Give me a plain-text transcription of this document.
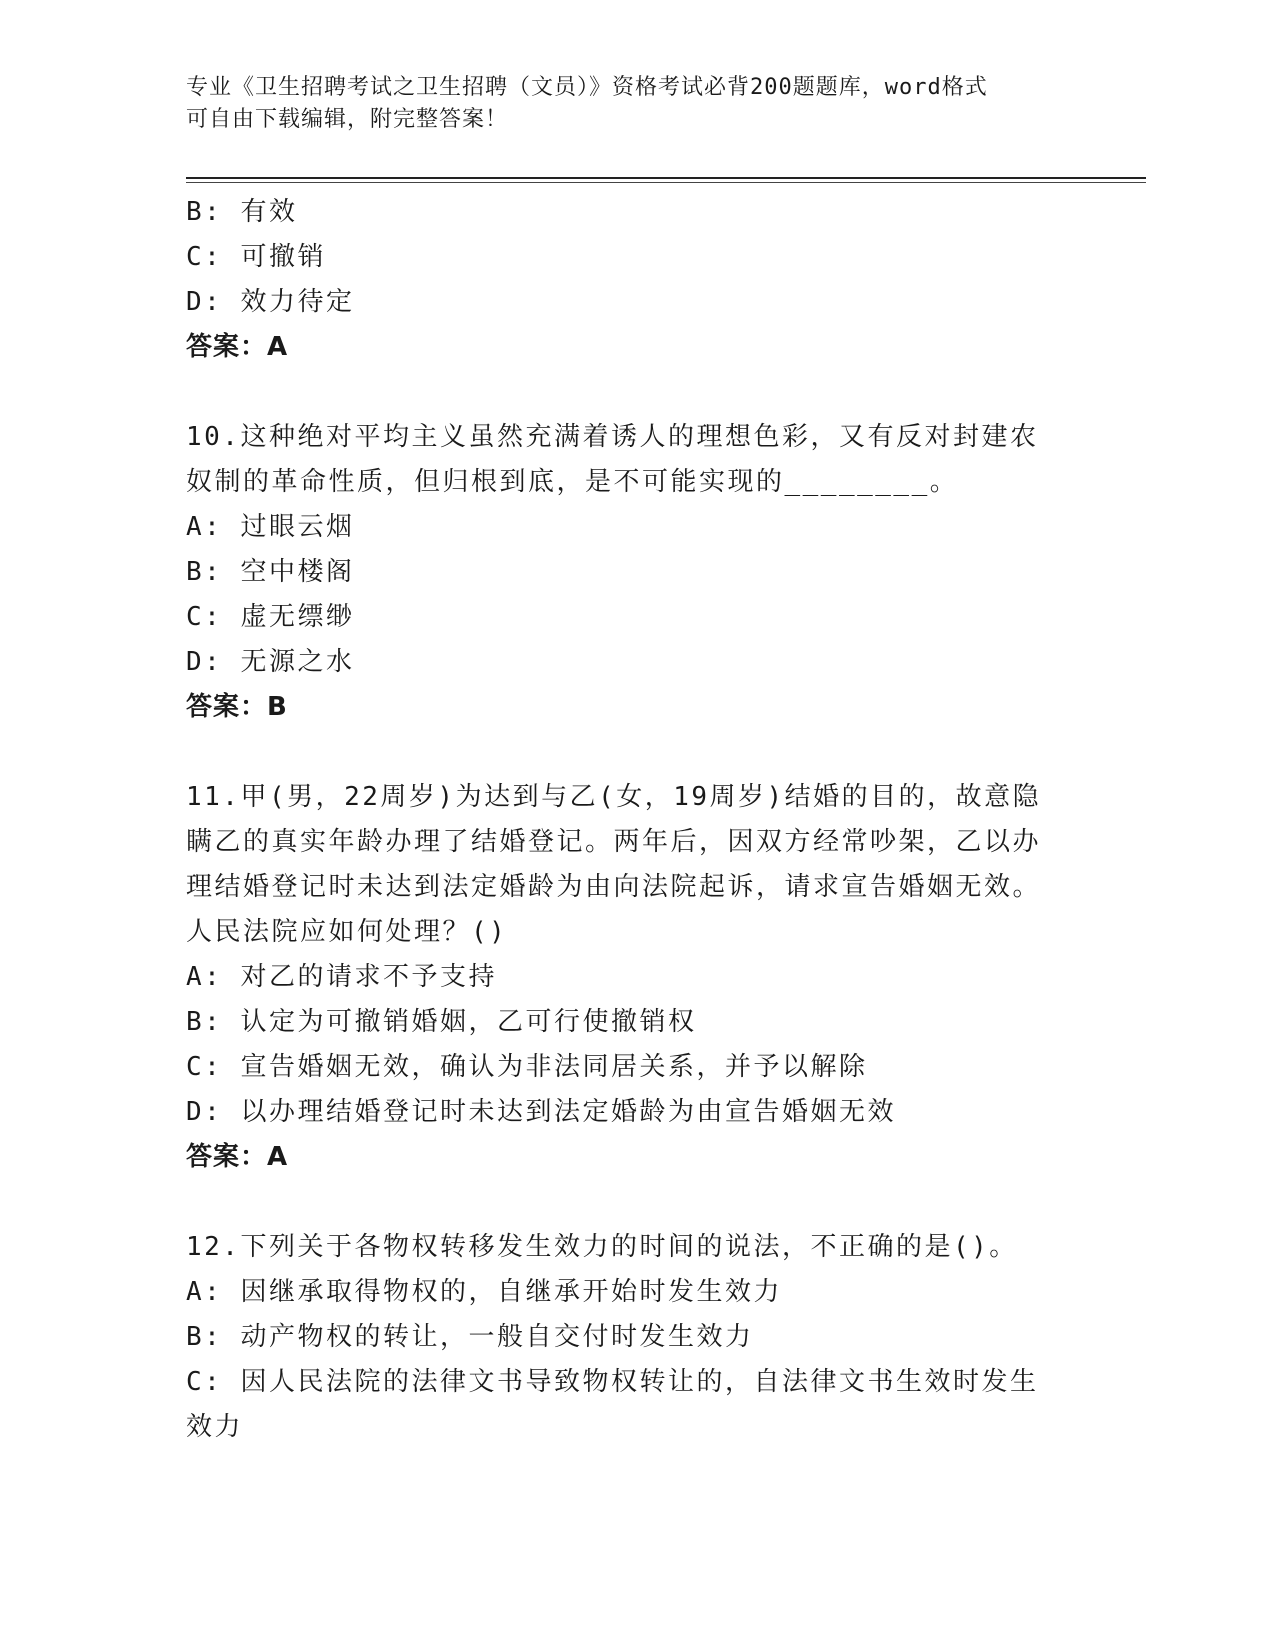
专业《卫生招聘考试之卫生招聘（文员）》资格考试必背200题题库，word格式
可自由下载编辑，附完整答案！
B: 有效
C: 可撤销
D: 效力待定
答案：A
10.这种绝对平均主义虽然充满着诱人的理想色彩，又有反对封建农奴制的革命性质，但归根到底，是不可能实现的________。
A: 过眼云烟
B: 空中楼阁
C: 虚无缥缈
D: 无源之水
答案：B
11.甲(男，22周岁)为达到与乙(女，19周岁)结婚的目的，故意隐瞒乙的真实年龄办理了结婚登记。两年后，因双方经常吵架，乙以办理结婚登记时未达到法定婚龄为由向法院起诉，请求宣告婚姻无效。人民法院应如何处理？()
A: 对乙的请求不予支持
B: 认定为可撤销婚姻，乙可行使撤销权
C: 宣告婚姻无效，确认为非法同居关系，并予以解除
D: 以办理结婚登记时未达到法定婚龄为由宣告婚姻无效
答案：A
12.下列关于各物权转移发生效力的时间的说法，不正确的是()。
A: 因继承取得物权的，自继承开始时发生效力
B: 动产物权的转让，一般自交付时发生效力
C: 因人民法院的法律文书导致物权转让的，自法律文书生效时发生效力
